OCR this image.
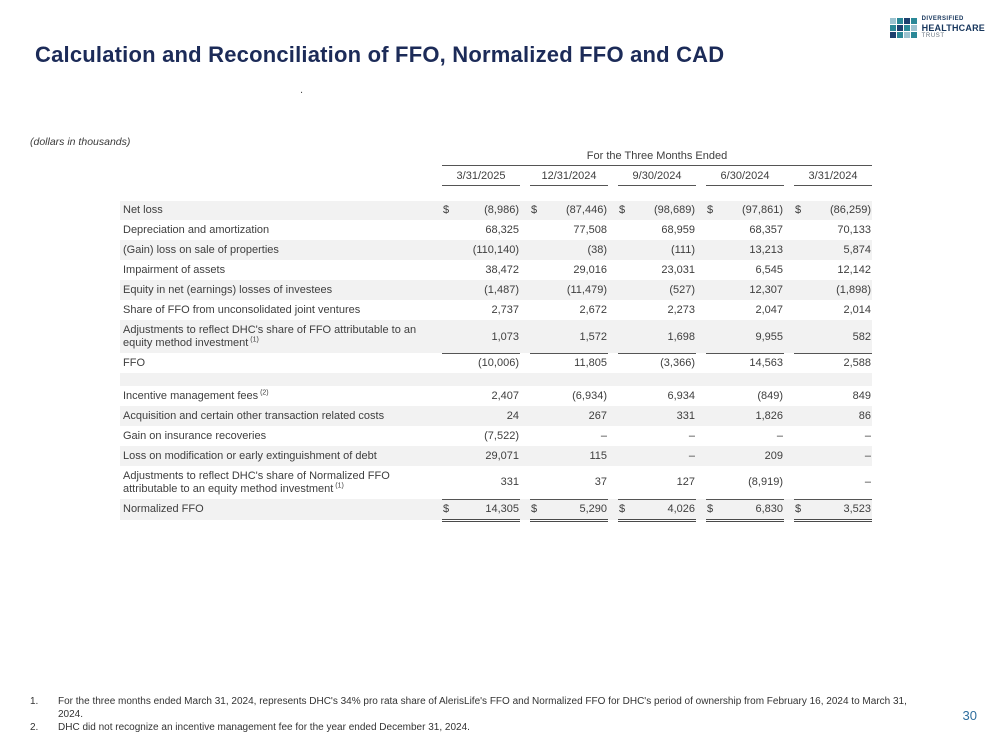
DIVERSIFIED
HEALTHCARE
TRUST
Calculation and Reconciliation of FFO, Normalized FFO and CAD
.
(dollars in thousands)
	For the Three Months Ended								
	3/31/2025		12/31/2024		9/30/2024		6/30/2024		3/31/2024

Net loss	$ (8,986)		$ (87,446)		$ (98,689)		$ (97,861)		$ (86,259)

Depreciation and amortization	68,325		77,508		68,959		68,357		70,133

(Gain) loss on sale of properties	(110,140)		(38)		(111)		13,213		5,874

Impairment of assets	38,472		29,016		23,031		6,545		12,142

Equity in net (earnings) losses of investees	(1,487)		(11,479)		(527)		12,307		(1,898)

Share of FFO from unconsolidated joint ventures	2,737		2,672		2,273		2,047		2,014

Adjustments to reflect DHC's share of FFO attributable to an equity method investment $^{(1)}$	1,073		1,572		1,698		9,955		582

FFO	(10,006)		11,805		(3,366)		14,563		2,588

Incentive management fees $^{(2)}$	2,407		(6,934)		6,934		(849)		849

Acquisition and certain other transaction related costs	24		267		331		1,826		86

Gain on insurance recoveries	(7,522)		–		–		–		–

Loss on modification or early extinguishment of debt	29,071		115		–		209		–

Adjustments to reflect DHC's share of Normalized FFO attributable to an equity method investment $^{(1)}$	331		37		127		(8,919)		–

Normalized FFO	$ 14,305		$ 5,290		$ 4,026		$ 6,830		$ 3,523
1.	For the three months ended March 31, 2024, represents DHC's 34% pro rata share of AlerisLife's FFO and Normalized FFO for DHC's period of ownership from February 16, 2024 to March 31, 2024.
2.	DHC did not recognize an incentive management fee for the year ended December 31, 2024.
30
